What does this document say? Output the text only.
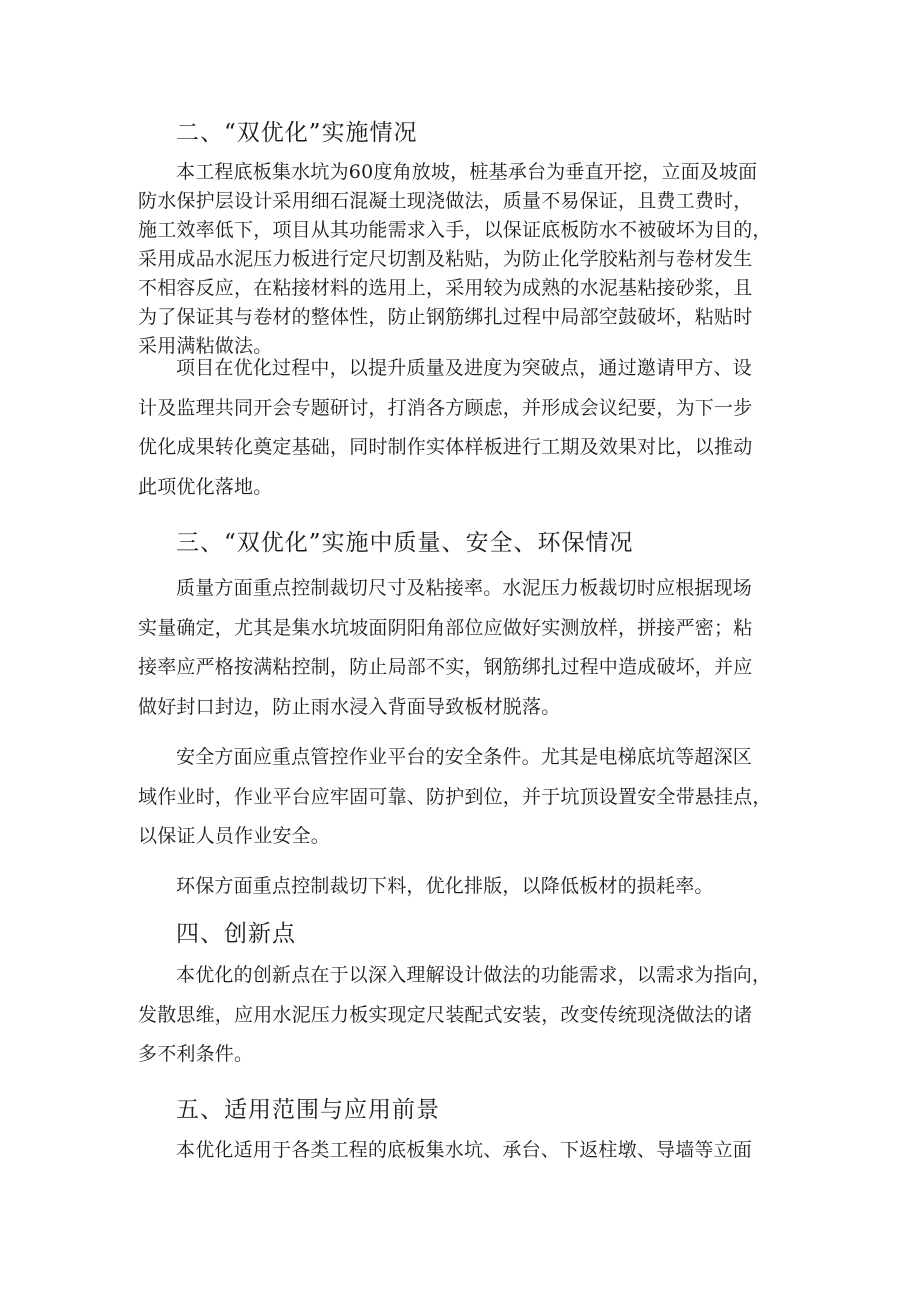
二、“双优化”实施情况

本工程底板集水坑为60度角放坡，桩基承台为垂直开挖，立面及坡面
防水保护层设计采用细石混凝土现浇做法，质量不易保证，且费工费时，
施工效率低下，项目从其功能需求入手，以保证底板防水不被破坏为目的，
采用成品水泥压力板进行定尺切割及粘贴，为防止化学胶粘剂与卷材发生
不相容反应，在粘接材料的选用上，采用较为成熟的水泥基粘接砂浆，且
为了保证其与卷材的整体性，防止钢筋绑扎过程中局部空鼓破坏，粘贴时
采用满粘做法。

项目在优化过程中，以提升质量及进度为突破点，通过邀请甲方、设
计及监理共同开会专题研讨，打消各方顾虑，并形成会议纪要，为下一步
优化成果转化奠定基础，同时制作实体样板进行工期及效果对比，以推动
此项优化落地。

三、“双优化”实施中质量、安全、环保情况

质量方面重点控制裁切尺寸及粘接率。水泥压力板裁切时应根据现场
实量确定，尤其是集水坑坡面阴阳角部位应做好实测放样，拼接严密；粘
接率应严格按满粘控制，防止局部不实，钢筋绑扎过程中造成破坏，并应
做好封口封边，防止雨水浸入背面导致板材脱落。

安全方面应重点管控作业平台的安全条件。尤其是电梯底坑等超深区
域作业时，作业平台应牢固可靠、防护到位，并于坑顶设置安全带悬挂点，
以保证人员作业安全。

环保方面重点控制裁切下料，优化排版，以降低板材的损耗率。

四、创新点

本优化的创新点在于以深入理解设计做法的功能需求，以需求为指向，
发散思维，应用水泥压力板实现定尺装配式安装，改变传统现浇做法的诸
多不利条件。

五、适用范围与应用前景

本优化适用于各类工程的底板集水坑、承台、下返柱墩、导墙等立面
